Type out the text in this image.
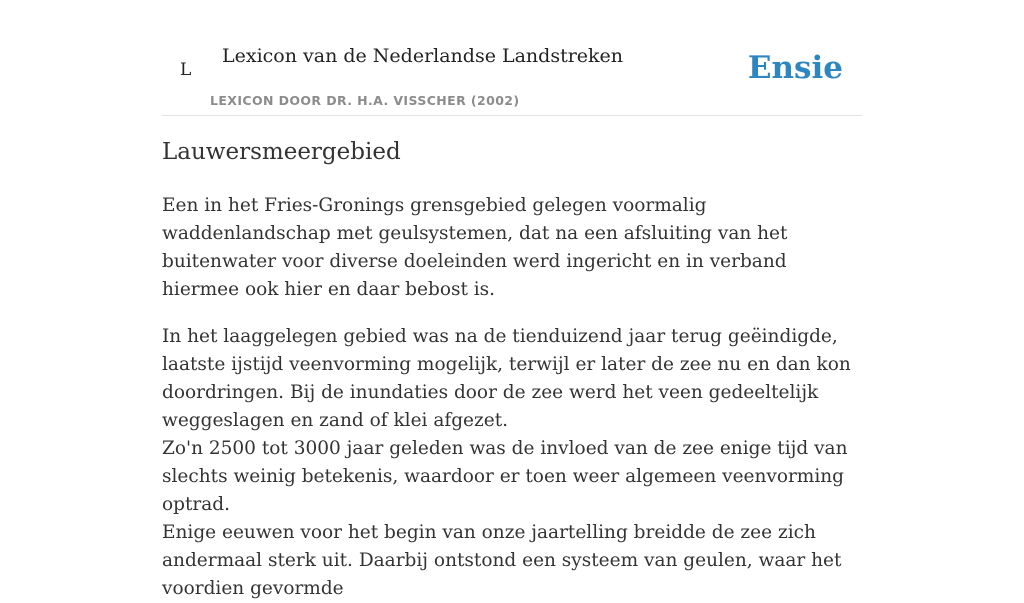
L
Lexicon van de Nederlandse Landstreken
LEXICON DOOR DR. H.A. VISSCHER (2002)
Ensie
Lauwersmeergebied

Een in het Fries-Gronings grensgebied gelegen voormalig waddenlandschap met geulsystemen, dat na een afsluiting van het buitenwater voor diverse doeleinden werd ingericht en in verband hiermee ook hier en daar bebost is.

In het laaggelegen gebied was na de tienduizend jaar terug geëindigde, laatste ijstijd veenvorming mogelijk, terwijl er later de zee nu en dan kon doordringen. Bij de inundaties door de zee werd het veen gedeeltelijk weggeslagen en zand of klei afgezet.

Zo'n 2500 tot 3000 jaar geleden was de invloed van de zee enige tijd van slechts weinig betekenis, waardoor er toen weer algemeen veenvorming optrad.

Enige eeuwen voor het begin van onze jaartelling breidde de zee zich andermaal sterk uit. Daarbij ontstond een systeem van geulen, waar het voordien gevormde
